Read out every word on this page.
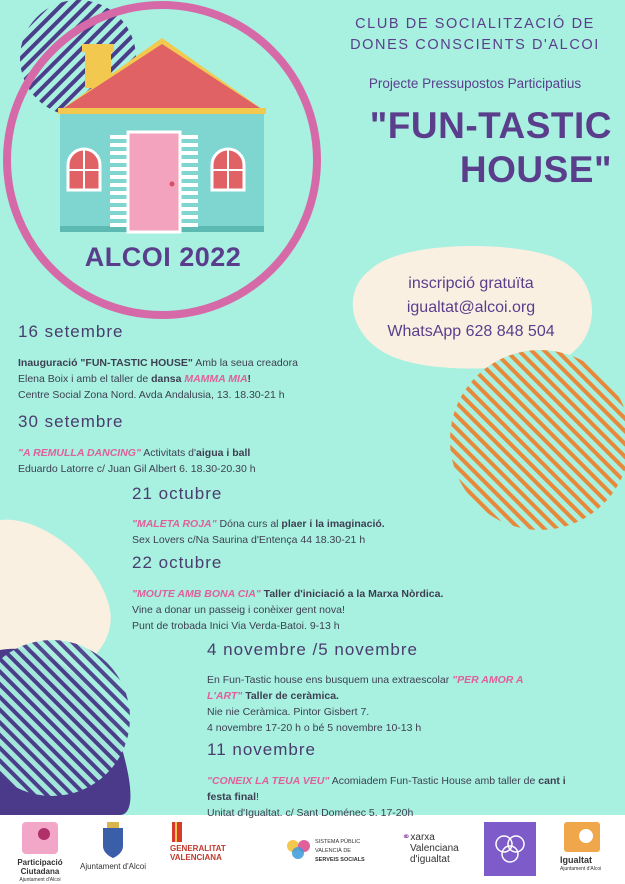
CLUB DE SOCIALITZACIÓ DE
DONES CONSCIENTS D'ALCOI
Projecte Pressupostos Participatius
"FUN-TASTIC
HOUSE"
ALCOI 2022
inscripció gratuïta
igualtat@alcoi.org
WhatsApp 628 848 504
16 setembre
Inauguració "FUN-TASTIC HOUSE" Amb la seua creadora
Elena Boix i amb el taller de dansa MAMMA MIA!
Centre Social Zona Nord. Avda Andalusia, 13. 18.30-21 h
30 setembre
"A REMULLA DANCING" Activitats d'aigua i ball
Eduardo Latorre c/ Juan Gil Albert 6. 18.30-20.30 h
21 octubre
"MALETA ROJA" Dóna curs al plaer i la imaginació.
Sex Lovers c/Na Saurina d'Entença 44 18.30-21 h
22 octubre
"MOUTE AMB BONA CIA" Taller d'iniciació a la Marxa Nòrdica.
Vine a donar un passeig i conèixer gent nova!
Punt de trobada Inici Via Verda-Batoi. 9-13 h
4 novembre /5 novembre
En Fun-Tastic house ens busquem una extraescolar "PER AMOR A
L'ART" Taller de ceràmica.
Nie nie Ceràmica. Pintor Gisbert 7.
4 novembre 17-20 h o bé 5 novembre 10-13 h
11 novembre
"CONEIX LA TEUA VEU" Acomiadem Fun-Tastic House amb taller de cant i
festa final!
Unitat d'Igualtat. c/ Sant Doménec 5. 17-20h
Participació
Ciutadana
Ajuntament d'Alcoi
Ajuntament d'Alcoi
GENERALITAT
VALENCIANA
SISTEMA PÚBLIC
VALENCIÀ DE
SERVEIS SOCIALS
⚭xarxa
Valenciana
d'igualtat	Igualtat
Ajuntament d'Alcoi
